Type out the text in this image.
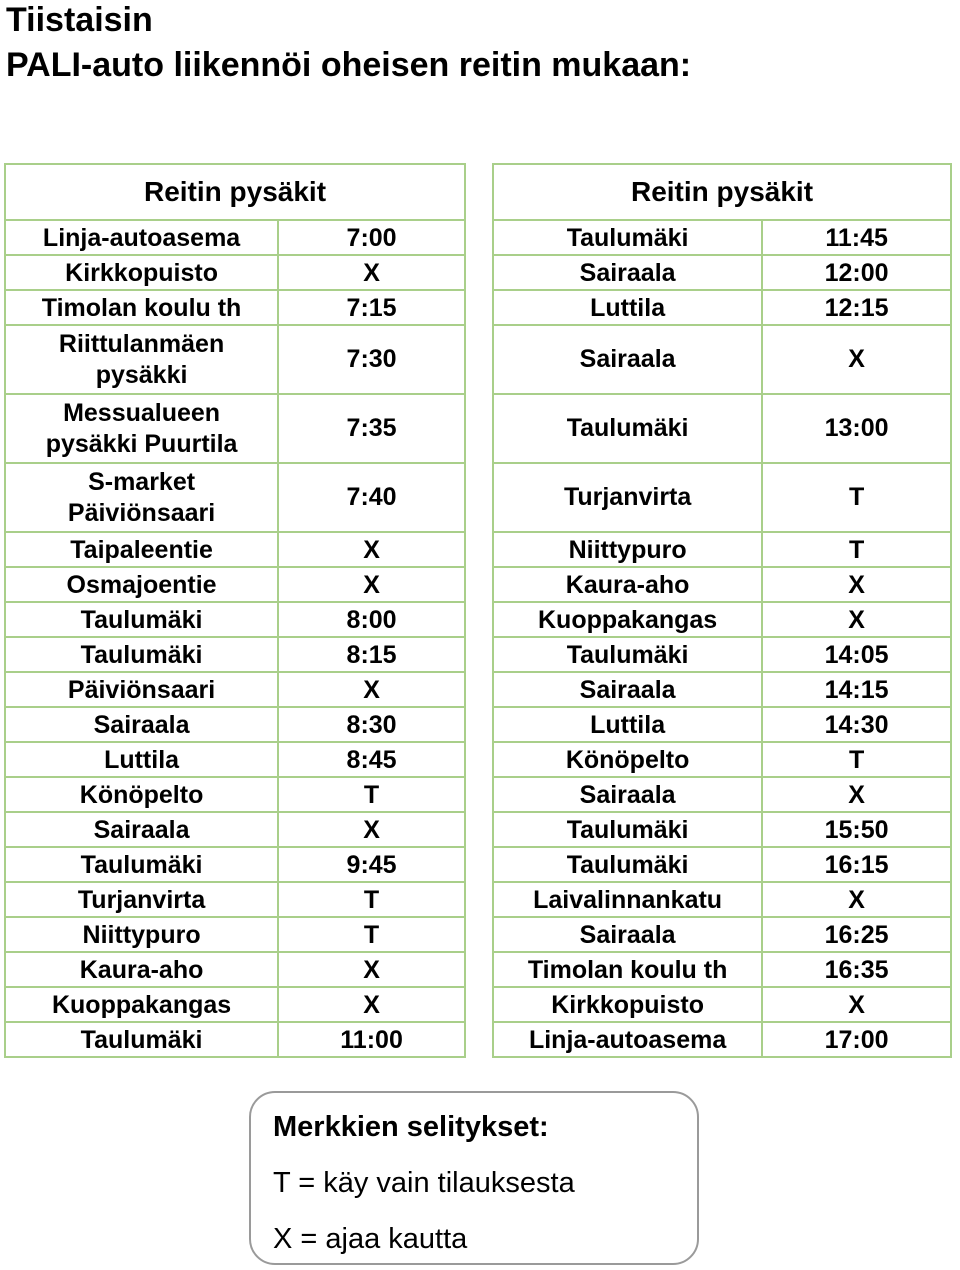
Tiistaisin
PALI-auto liikennöi oheisen reitin mukaan:
Reitin pysäkit	
Linja-autoasema	7:00
Kirkkopuisto	X
Timolan koulu th	7:15
Riittulanmäen
pysäkki	7:30
Messualueen
pysäkki Puurtila	7:35
S-market
Päiviönsaari	7:40
Taipaleentie	X
Osmajoentie	X
Taulumäki	8:00
Taulumäki	8:15
Päiviönsaari	X
Sairaala	8:30
Luttila	8:45
Könöpelto	T
Sairaala	X
Taulumäki	9:45
Turjanvirta	T
Niittypuro	T
Kaura-aho	X
Kuoppakangas	X
Taulumäki	11:00
Reitin pysäkit	
Taulumäki	11:45
Sairaala	12:00
Luttila	12:15
Sairaala	X
Taulumäki	13:00
Turjanvirta	T
Niittypuro	T
Kaura-aho	X
Kuoppakangas	X
Taulumäki	14:05
Sairaala	14:15
Luttila	14:30
Könöpelto	T
Sairaala	X
Taulumäki	15:50
Taulumäki	16:15
Laivalinnankatu	X
Sairaala	16:25
Timolan koulu th	16:35
Kirkkopuisto	X
Linja-autoasema	17:00
Merkkien selitykset:
T = käy vain tilauksesta
X = ajaa kautta
